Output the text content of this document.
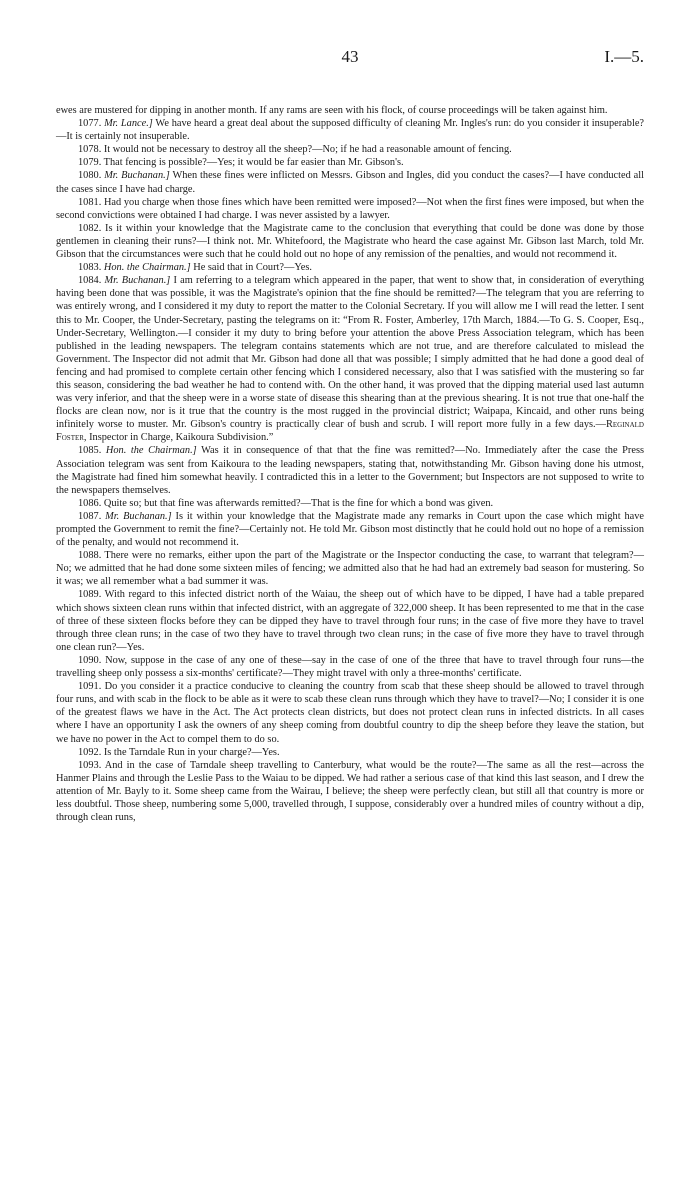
43	I.—5.

ewes are mustered for dipping in another month. If any rams are seen with his flock, of course proceedings will be taken against him.

1077. Mr. Lance.] We have heard a great deal about the supposed difficulty of cleaning Mr. Ingles's run: do you consider it insuperable?—It is certainly not insuperable.

1078. It would not be necessary to destroy all the sheep?—No; if he had a reasonable amount of fencing.

1079. That fencing is possible?—Yes; it would be far easier than Mr. Gibson's.

1080. Mr. Buchanan.] When these fines were inflicted on Messrs. Gibson and Ingles, did you conduct the cases?—I have conducted all the cases since I have had charge.

1081. Had you charge when those fines which have been remitted were imposed?—Not when the first fines were imposed, but when the second convictions were obtained I had charge. I was never assisted by a lawyer.

1082. Is it within your knowledge that the Magistrate came to the conclusion that everything that could be done was done by those gentlemen in cleaning their runs?—I think not. Mr. Whitefoord, the Magistrate who heard the case against Mr. Gibson last March, told Mr. Gibson that the circumstances were such that he could hold out no hope of any remission of the penalties, and would not recommend it.

1083. Hon. the Chairman.] He said that in Court?—Yes.

1084. Mr. Buchanan.] I am referring to a telegram which appeared in the paper, that went to show that, in consideration of everything having been done that was possible, it was the Magistrate's opinion that the fine should be remitted?—The telegram that you are referring to was entirely wrong, and I considered it my duty to report the matter to the Colonial Secretary. If you will allow me I will read the letter. I sent this to Mr. Cooper, the Under-Secretary, pasting the telegrams on it: “From R. Foster, Amberley, 17th March, 1884.—To G. S. Cooper, Esq., Under-Secretary, Wellington.—I consider it my duty to bring before your attention the above Press Association telegram, which has been published in the leading newspapers. The telegram contains statements which are not true, and are therefore calculated to mislead the Government. The Inspector did not admit that Mr. Gibson had done all that was possible; I simply admitted that he had done a good deal of fencing and had promised to complete certain other fencing which I considered necessary, also that I was satisfied with the mustering so far this season, considering the bad weather he had to contend with. On the other hand, it was proved that the dipping material used last autumn was very inferior, and that the sheep were in a worse state of disease this shearing than at the previous shearing. It is not true that one-half the flocks are clean now, nor is it true that the country is the most rugged in the provincial district; Waipapa, Kincaid, and other runs being infinitely worse to muster. Mr. Gibson's country is practically clear of bush and scrub. I will report more fully in a few days.—Reginald Foster, Inspector in Charge, Kaikoura Subdivision.”

1085. Hon. the Chairman.] Was it in consequence of that that the fine was remitted?—No. Immediately after the case the Press Association telegram was sent from Kaikoura to the leading newspapers, stating that, notwithstanding Mr. Gibson having done his utmost, the Magistrate had fined him somewhat heavily. I contradicted this in a letter to the Government; but Inspectors are not supposed to write to the newspapers themselves.

1086. Quite so; but that fine was afterwards remitted?—That is the fine for which a bond was given.

1087. Mr. Buchanan.] Is it within your knowledge that the Magistrate made any remarks in Court upon the case which might have prompted the Government to remit the fine?—Certainly not. He told Mr. Gibson most distinctly that he could hold out no hope of a remission of the penalty, and would not recommend it.

1088. There were no remarks, either upon the part of the Magistrate or the Inspector conducting the case, to warrant that telegram?—No; we admitted that he had done some sixteen miles of fencing; we admitted also that he had had an extremely bad season for mustering. So it was; we all remember what a bad summer it was.

1089. With regard to this infected district north of the Waiau, the sheep out of which have to be dipped, I have had a table prepared which shows sixteen clean runs within that infected district, with an aggregate of 322,000 sheep. It has been represented to me that in the case of three of these sixteen flocks before they can be dipped they have to travel through four runs; in the case of five more they have to travel through three clean runs; in the case of two they have to travel through two clean runs; in the case of five more they have to travel through one clean run?—Yes.

1090. Now, suppose in the case of any one of these—say in the case of one of the three that have to travel through four runs—the travelling sheep only possess a six-months' certificate?—They might travel with only a three-months' certificate.

1091. Do you consider it a practice conducive to cleaning the country from scab that these sheep should be allowed to travel through four runs, and with scab in the flock to be able as it were to scab these clean runs through which they have to travel?—No; I consider it is one of the greatest flaws we have in the Act. The Act protects clean districts, but does not protect clean runs in infected districts. In all cases where I have an opportunity I ask the owners of any sheep coming from doubtful country to dip the sheep before they leave the station, but we have no power in the Act to compel them to do so.

1092. Is the Tarndale Run in your charge?—Yes.

1093. And in the case of Tarndale sheep travelling to Canterbury, what would be the route?—The same as all the rest—across the Hanmer Plains and through the Leslie Pass to the Waiau to be dipped. We had rather a serious case of that kind this last season, and I drew the attention of Mr. Bayly to it. Some sheep came from the Wairau, I believe; the sheep were perfectly clean, but still all that country is more or less doubtful. Those sheep, numbering some 5,000, travelled through, I suppose, considerably over a hundred miles of country without a dip, through clean runs,
